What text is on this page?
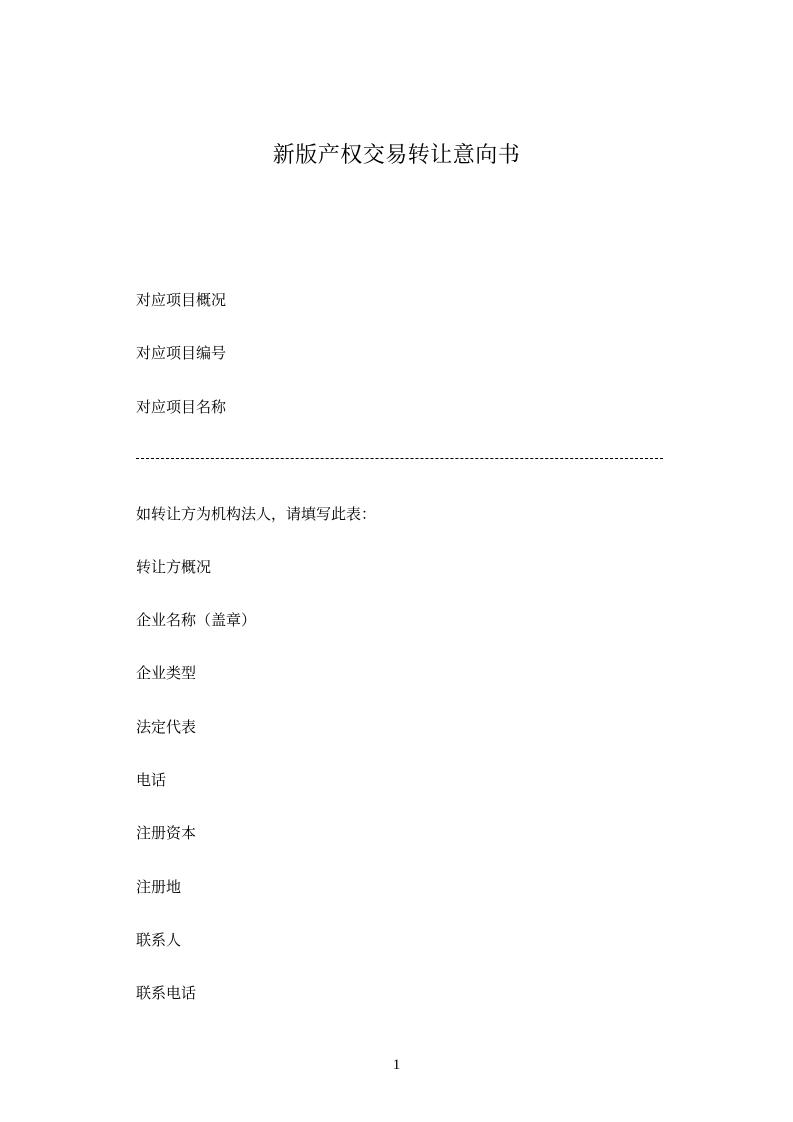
新版产权交易转让意向书
对应项目概况
对应项目编号
对应项目名称
如转让方为机构法人，请填写此表：
转让方概况
企业名称（盖章）
企业类型
法定代表
电话
注册资本
注册地
联系人
联系电话
1
